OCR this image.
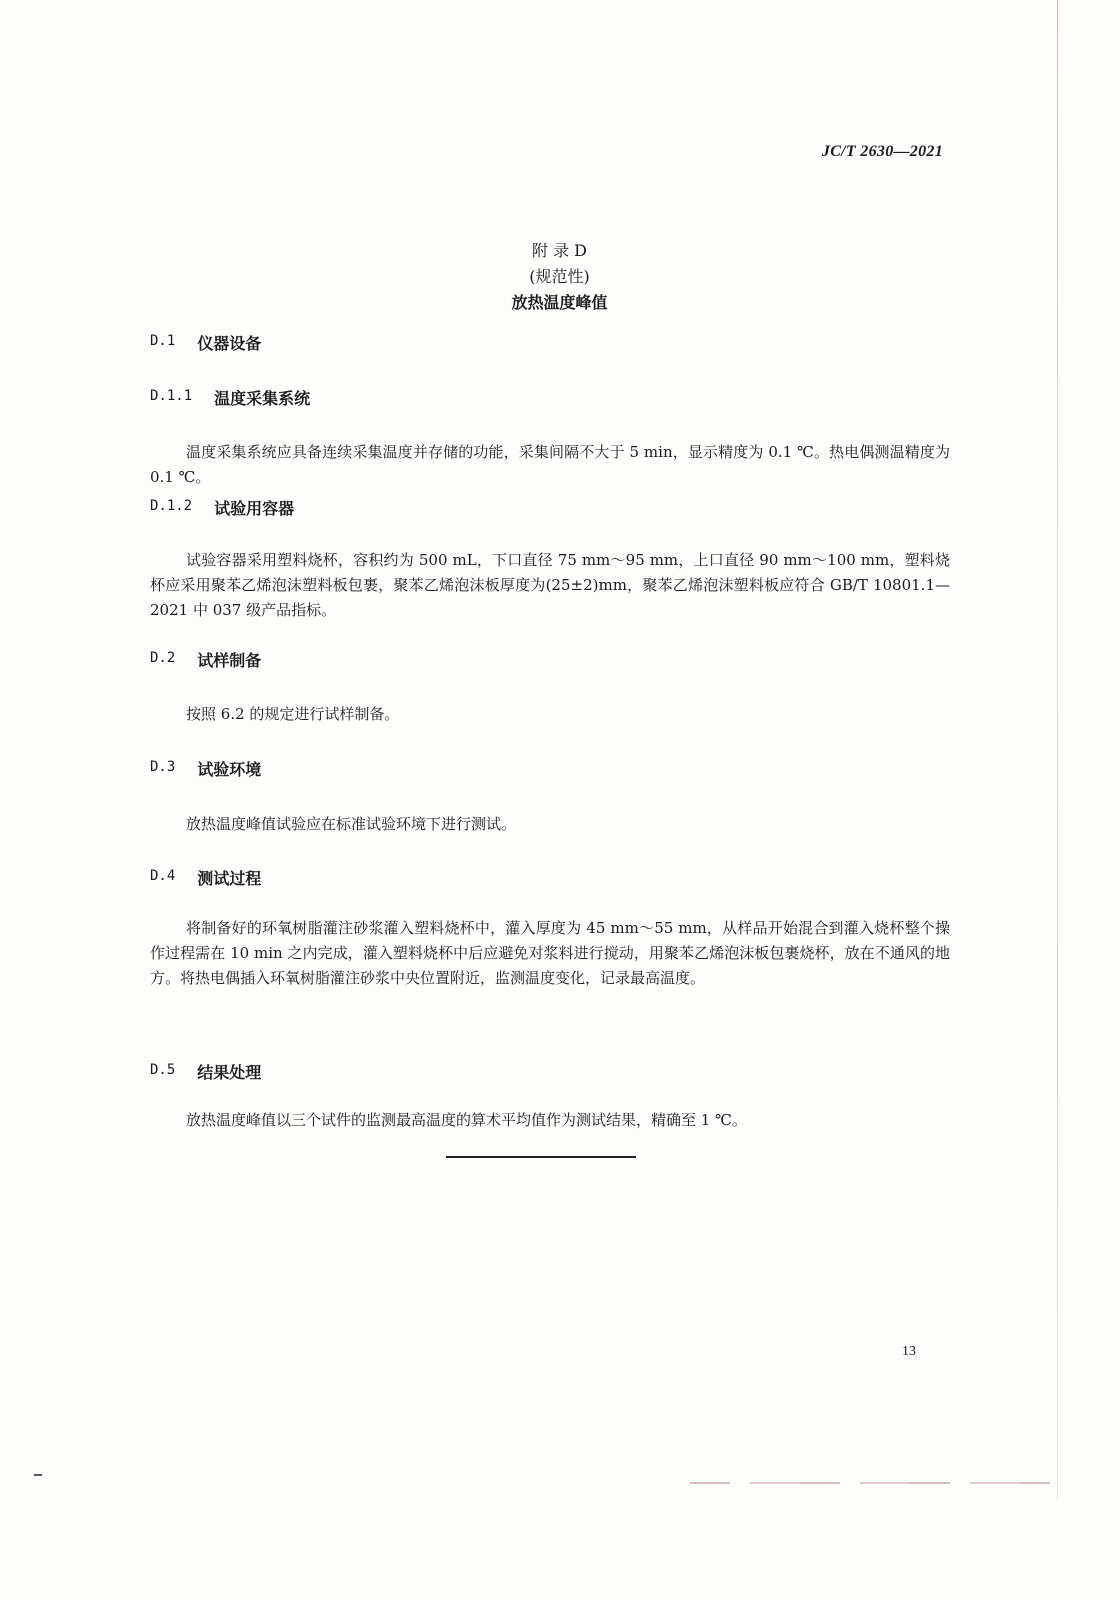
JC/T 2630—2021
附 录 D
(规范性)
放热温度峰值
D.1 仪器设备
D.1.1 温度采集系统

温度采集系统应具备连续采集温度并存储的功能，采集间隔不大于 5 min，显示精度为 0.1 ℃。热电偶测温精度为 0.1 ℃。

D.1.2 试验用容器

试验容器采用塑料烧杯，容积约为 500 mL，下口直径 75 mm～95 mm，上口直径 90 mm～100 mm，塑料烧杯应采用聚苯乙烯泡沫塑料板包裹，聚苯乙烯泡沫板厚度为(25±2)mm，聚苯乙烯泡沫塑料板应符合 GB/T 10801.1—2021 中 037 级产品指标。

D.2 试样制备

按照 6.2 的规定进行试样制备。

D.3 试验环境

放热温度峰值试验应在标准试验环境下进行测试。

D.4 测试过程

将制备好的环氧树脂灌注砂浆灌入塑料烧杯中，灌入厚度为 45 mm～55 mm，从样品开始混合到灌入烧杯整个操作过程需在 10 min 之内完成，灌入塑料烧杯中后应避免对浆料进行搅动，用聚苯乙烯泡沫板包裹烧杯，放在不通风的地方。将热电偶插入环氧树脂灌注砂浆中央位置附近，监测温度变化，记录最高温度。

D.5 结果处理

放热温度峰值以三个试件的监测最高温度的算术平均值作为测试结果，精确至 1 ℃。

13
